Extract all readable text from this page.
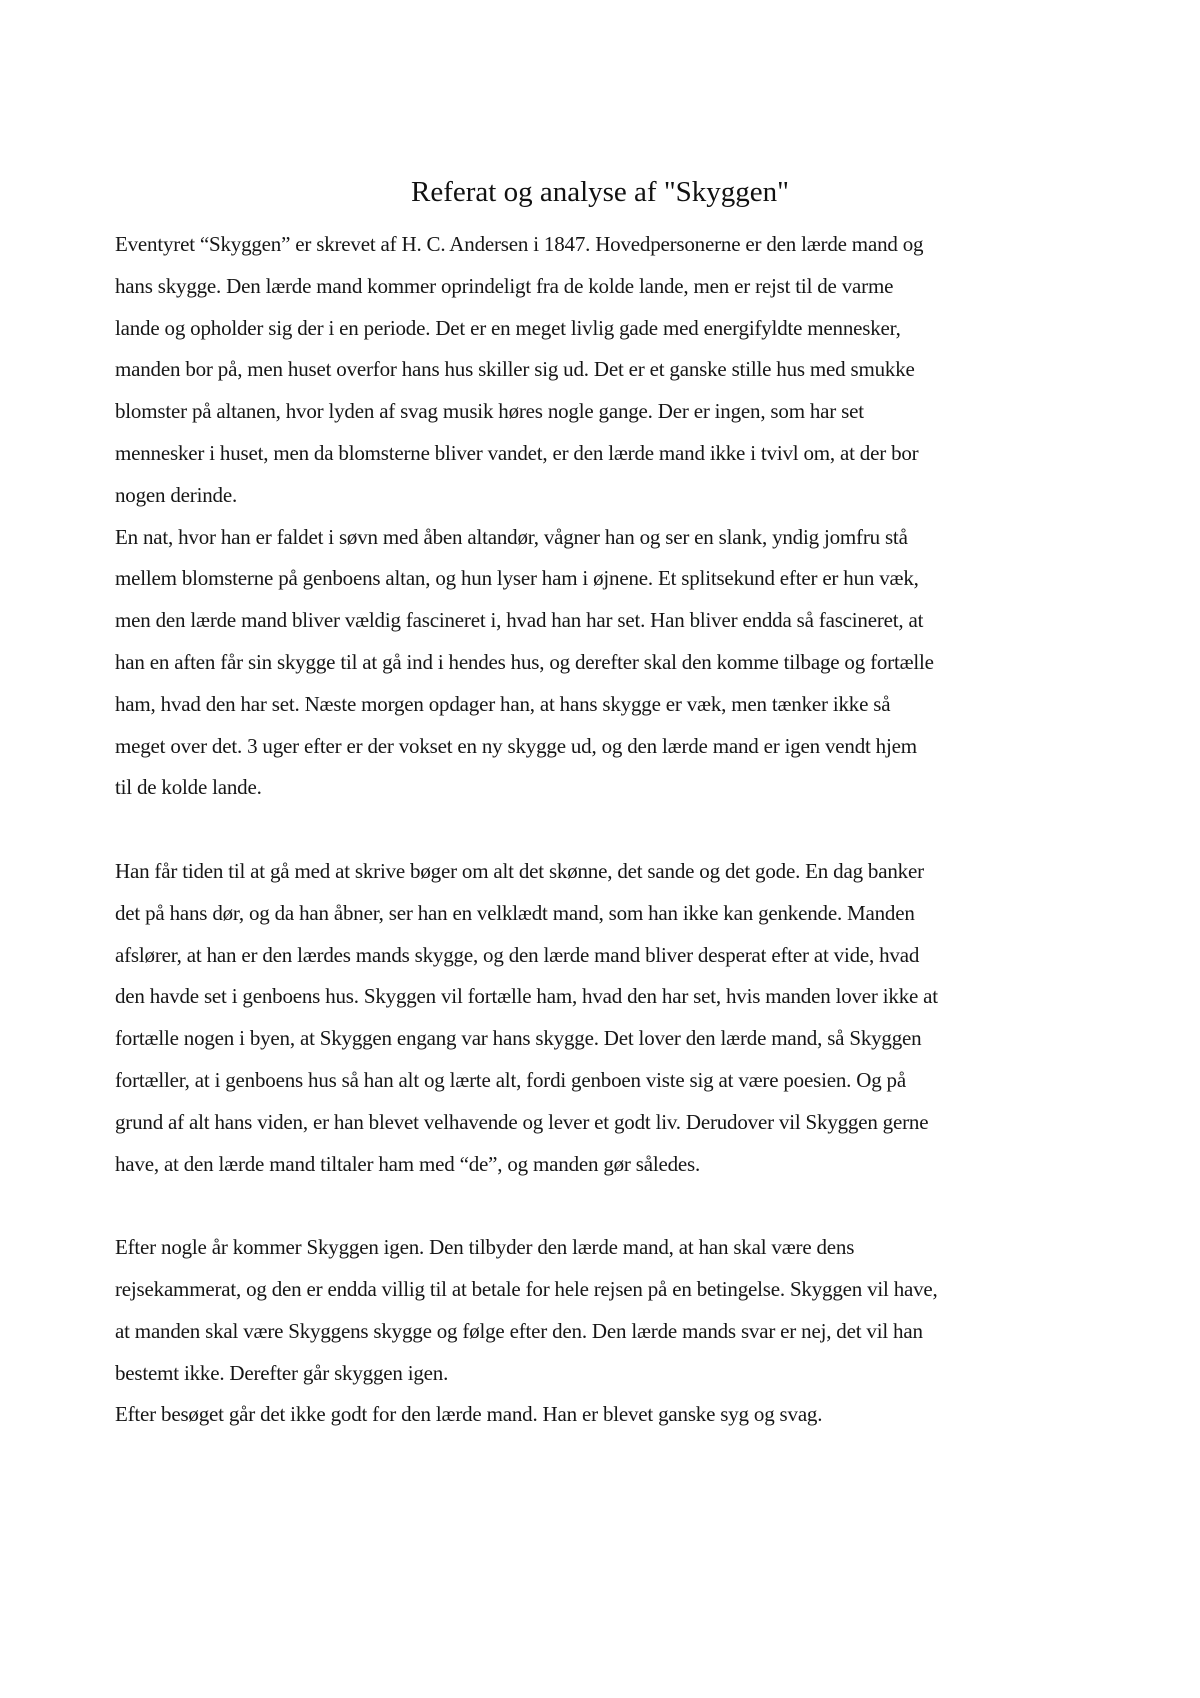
Referat og analyse af "Skyggen"

Eventyret “Skyggen” er skrevet af H. C. Andersen i 1847. Hovedpersonerne er den lærde mand og
hans skygge. Den lærde mand kommer oprindeligt fra de kolde lande, men er rejst til de varme
lande og opholder sig der i en periode. Det er en meget livlig gade med energifyldte mennesker,
manden bor på, men huset overfor hans hus skiller sig ud. Det er et ganske stille hus med smukke
blomster på altanen, hvor lyden af svag musik høres nogle gange. Der er ingen, som har set
mennesker i huset, men da blomsterne bliver vandet, er den lærde mand ikke i tvivl om, at der bor
nogen derinde.

En nat, hvor han er faldet i søvn med åben altandør, vågner han og ser en slank, yndig jomfru stå
mellem blomsterne på genboens altan, og hun lyser ham i øjnene. Et splitsekund efter er hun væk,
men den lærde mand bliver vældig fascineret i, hvad han har set. Han bliver endda så fascineret, at
han en aften får sin skygge til at gå ind i hendes hus, og derefter skal den komme tilbage og fortælle
ham, hvad den har set. Næste morgen opdager han, at hans skygge er væk, men tænker ikke så
meget over det. 3 uger efter er der vokset en ny skygge ud, og den lærde mand er igen vendt hjem
til de kolde lande.

Han får tiden til at gå med at skrive bøger om alt det skønne, det sande og det gode. En dag banker
det på hans dør, og da han åbner, ser han en velklædt mand, som han ikke kan genkende. Manden
afslører, at han er den lærdes mands skygge, og den lærde mand bliver desperat efter at vide, hvad
den havde set i genboens hus. Skyggen vil fortælle ham, hvad den har set, hvis manden lover ikke at
fortælle nogen i byen, at Skyggen engang var hans skygge. Det lover den lærde mand, så Skyggen
fortæller, at i genboens hus så han alt og lærte alt, fordi genboen viste sig at være poesien. Og på
grund af alt hans viden, er han blevet velhavende og lever et godt liv. Derudover vil Skyggen gerne
have, at den lærde mand tiltaler ham med “de”, og manden gør således.

Efter nogle år kommer Skyggen igen. Den tilbyder den lærde mand, at han skal være dens
rejsekammerat, og den er endda villig til at betale for hele rejsen på en betingelse. Skyggen vil have,
at manden skal være Skyggens skygge og følge efter den. Den lærde mands svar er nej, det vil han
bestemt ikke. Derefter går skyggen igen.

Efter besøget går det ikke godt for den lærde mand. Han er blevet ganske syg og svag.
